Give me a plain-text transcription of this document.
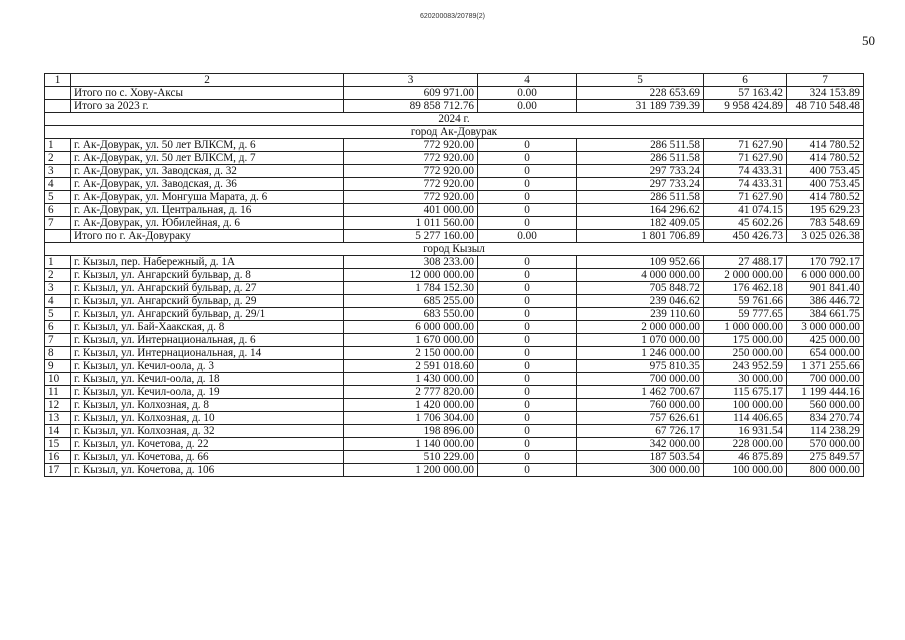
620200083/20789(2)
50
1	2	3	4	5	6	7
	Итого по с. Хову-Аксы	609 971.00	0.00	228 653.69	57 163.42	324 153.89
	Итого за 2023 г.	89 858 712.76	0.00	31 189 739.39	9 958 424.89	48 710 548.48
2024 г.						
город Ак-Довурак						
1	г. Ак-Довурак, ул. 50 лет ВЛКСМ, д. 6	772 920.00	0	286 511.58	71 627.90	414 780.52
2	г. Ак-Довурак, ул. 50 лет ВЛКСМ, д. 7	772 920.00	0	286 511.58	71 627.90	414 780.52
3	г. Ак-Довурак, ул. Заводская, д. 32	772 920.00	0	297 733.24	74 433.31	400 753.45
4	г. Ак-Довурак, ул. Заводская, д. 36	772 920.00	0	297 733.24	74 433.31	400 753.45
5	г. Ак-Довурак, ул. Монгуша Марата, д. 6	772 920.00	0	286 511.58	71 627.90	414 780.52
6	г. Ак-Довурак, ул. Центральная, д. 16	401 000.00	0	164 296.62	41 074.15	195 629.23
7	г. Ак-Довурак, ул. Юбилейная, д. 6	1 011 560.00	0	182 409.05	45 602.26	783 548.69
	Итого по г. Ак-Довураку	5 277 160.00	0.00	1 801 706.89	450 426.73	3 025 026.38
город Кызыл						
1	г. Кызыл, пер. Набережный, д. 1А	308 233.00	0	109 952.66	27 488.17	170 792.17
2	г. Кызыл, ул. Ангарский бульвар, д. 8	12 000 000.00	0	4 000 000.00	2 000 000.00	6 000 000.00
3	г. Кызыл, ул. Ангарский бульвар, д. 27	1 784 152.30	0	705 848.72	176 462.18	901 841.40
4	г. Кызыл, ул. Ангарский бульвар, д. 29	685 255.00	0	239 046.62	59 761.66	386 446.72
5	г. Кызыл, ул. Ангарский бульвар, д. 29/1	683 550.00	0	239 110.60	59 777.65	384 661.75
6	г. Кызыл, ул. Бай-Хаакская, д. 8	6 000 000.00	0	2 000 000.00	1 000 000.00	3 000 000.00
7	г. Кызыл, ул. Интернациональная, д. 6	1 670 000.00	0	1 070 000.00	175 000.00	425 000.00
8	г. Кызыл, ул. Интернациональная, д. 14	2 150 000.00	0	1 246 000.00	250 000.00	654 000.00
9	г. Кызыл, ул. Кечил-оола, д. 3	2 591 018.60	0	975 810.35	243 952.59	1 371 255.66
10	г. Кызыл, ул. Кечил-оола, д. 18	1 430 000.00	0	700 000.00	30 000.00	700 000.00
11	г. Кызыл, ул. Кечил-оола, д. 19	2 777 820.00	0	1 462 700.67	115 675.17	1 199 444.16
12	г. Кызыл, ул. Колхозная, д. 8	1 420 000.00	0	760 000.00	100 000.00	560 000.00
13	г. Кызыл, ул. Колхозная, д. 10	1 706 304.00	0	757 626.61	114 406.65	834 270.74
14	г. Кызыл, ул. Колхозная, д. 32	198 896.00	0	67 726.17	16 931.54	114 238.29
15	г. Кызыл, ул. Кочетова, д. 22	1 140 000.00	0	342 000.00	228 000.00	570 000.00
16	г. Кызыл, ул. Кочетова, д. 66	510 229.00	0	187 503.54	46 875.89	275 849.57
17	г. Кызыл, ул. Кочетова, д. 106	1 200 000.00	0	300 000.00	100 000.00	800 000.00
